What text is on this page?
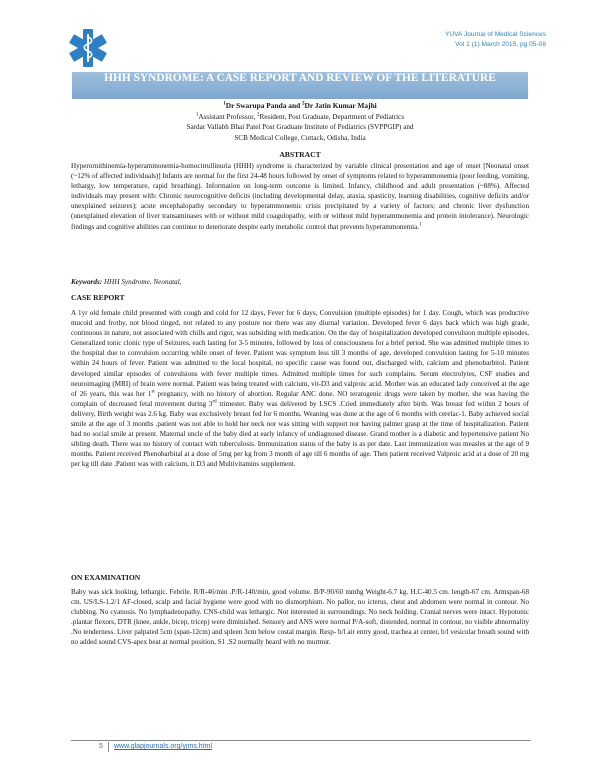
YUVA Journal of Medical Sciences
Vol 1 (1) March 2015, pg 05-08
HHH SYNDROME: A CASE REPORT AND REVIEW OF THE LITERATURE
$^1$Dr Swarupa Panda and $^2$Dr Jatin Kumar Majhi
$^1$Assistant Professor, $^2$Resident, Post Graduate, Department of Pediatrics
Sardar Vallabh Bhai Patel Post Graduate Institute of Pediatrics (SVPPGIP) and
SCB Medical College, Cuttack, Odisha, India
ABSTRACT

Hyperornithinemia-hyperammonemia-homocitrullinuria (HHH) syndrome is characterized by variable clinical presentation and age of onset [Neonatal onset (~12% of affected individuals)] Infants are normal for the first 24-48 hours followed by onset of symptoms related to hyperammonemia (poor feeding, vomiting, lethargy, low temperature, rapid breathing). Information on long-term outcome is limited. Infancy, childhood and adult presentation (~88%). Affected individuals may present with: Chronic neurocognitive deficits (including developmental delay, ataxia, spasticity, learning disabilities, cognitive deficits and/or unexplained seizures); acute encephalopathy secondary to hyperammonemic crisis precipitated by a variety of factors; and chronic liver dysfunction (unexplained elevation of liver transaminases with or without mild coagulopathy, with or without mild hyperammonemia and protein intolerance). Neurologic findings and cognitive abilities can continue to deteriorate despite early metabolic control that prevents hyperammonemia.$^1$

Keywords: HHH Syndrome, Neonatal,
CASE REPORT

A 1yr old female child presented with cough and cold for 12 days, Fever for 6 days, Convulsion (multiple episodes) for 1 day. Cough, which was productive mucoid and frothy, not blood tinged, not related to any posture nor there was any diurnal variation. Developed fever 6 days back which was high grade, continuous in nature, not associated with chills and rigor, was subsiding with medication. On the day of hospitalization developed convulsion multiple episodes, Generalized tonic clonic type of Seizures, each lasting for 3-5 minutes, followed by loss of consciousness for a brief period. She was admitted multiple times to the hospital due to convulsion occurring while onset of fever. Patient was symptom less till 3 months of age, developed convulsion lasting for 5-10 minutes within 24 hours of fever. Patient was admitted to the local hospital, no specific cause was found out, discharged with, calcium and phenobarbitol. Patient developed similar episodes of convulsions with fever multiple times. Admitted multiple times for such complains. Serum electrolytes, CSF studies and neuroimaging (MRI) of brain were normal. Patient was being treated with calcium, vit-D3 and valproic acid. Mother was an educated lady conceived at the age of 26 years, this was her 1st pregnancy, with no history of abortion. Regular ANC done. NO teratogenic drugs were taken by mother, she was having the complain of decreased fetal movement during 3rd trimester. Baby was delivered by LSCS .Cried immediately after birth. Was breast fed within 2 hours of delivery, Birth weight was 2.6 kg. Baby was exclusively breast fed for 6 months. Weaning was done at the age of 6 months with cerelac-1. Baby achieved social smile at the age of 3 months .patient was not able to hold her neck nor was sitting with support nor having palmer grasp at the time of hospitalization. Patient had no social smile at present. Maternal uncle of the baby died at early infancy of undiagnosed disease. Grand mother is a diabetic and hypertensive patient No sibling death. There was no history of contact with tuberculosis. Immunization status of the baby is as per date. Last immunization was measles at the age of 9 months. Patient received Phenobarbital at a dose of 5mg per kg from 3 month of age till 6 months of age. Then patient received Valproic acid at a dose of 20 mg per kg till date .Patient was with calcium, it D3 and Multivitamins supplement.

ON EXAMINATION

Baby was sick looking, lethargic. Febrile. R/R-46/min .P/R-140/min, good volume. B/P-90/60 mmhg Weight-6.7 kg. H.C-40.5 cm. length-67 cm. Armspan-68 cm. US/LS-1.2/1 AF-closed, scalp and facial hygiene were good with no dismorphism. No pallor, no icterus, chest and abdomen were normal in contour. No clubbing. No cyanosis. No lymphadenopathy. CNS-child was lethargic. Not interested in surroundings. No neck holding. Cranial nerves were intact. Hypotonic .plantar flexors, DTR (knee, ankle, bicep, tricep) were diminished. Sensory and ANS were normal P/A-soft, distended, normal in contour, no visible abnormality .No tenderness. Liver palpated 5cm (span-12cm) and spleen 3cm below costal margin. Resp- b/l air entry good, trachea at center, b/l vesicular breath sound with no added sound CVS-apex beat at normal position, S1 ,S2 normally heard with no murmur.

5 www.glapjournals.org/yjms.html
